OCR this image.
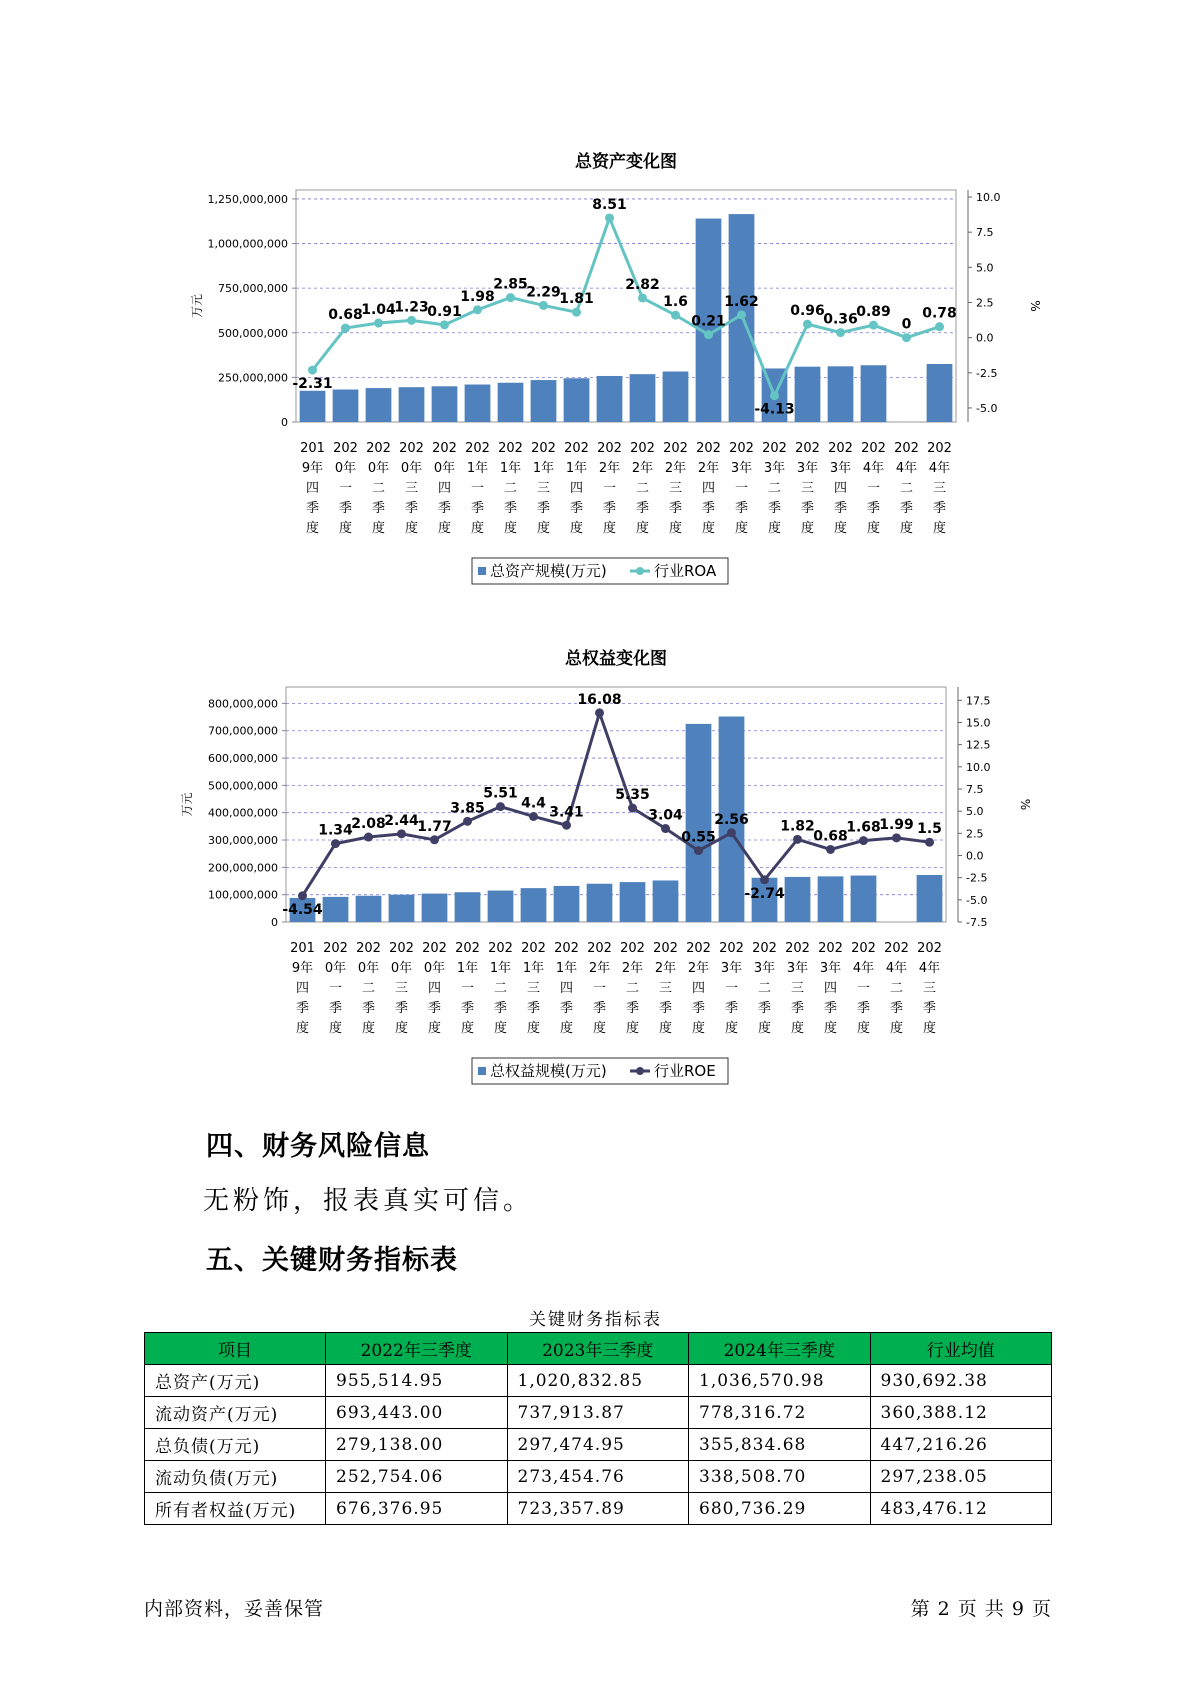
总资产变化图
0
250,000,000
500,000,000
750,000,000
1,000,000,000
1,250,000,000
万元
-5.0
-2.5
0.0
2.5
5.0
7.5
10.0
%
-2.31
0.68
1.04
1.23
0.91
1.98
2.85
2.29
1.81
8.51
2.82
1.6
0.21
1.62
-4.13
0.96
0.36
0.89
0
0.78
201 9年四季度
202 0年一季度
202 0年二季度
202 0年三季度
202 0年四季度
202 1年一季度
202 1年二季度
202 1年三季度
202 1年四季度
202 2年一季度
202 2年二季度
202 2年三季度
202 2年四季度
202 3年一季度
202 3年二季度
202 3年三季度
202 3年四季度
202 4年一季度
202 4年二季度
202 4年三季度
总资产规模(万元)	行业ROA
总权益变化图
0
100,000,000
200,000,000
300,000,000
400,000,000
500,000,000
600,000,000
700,000,000
800,000,000
万元
-7.5
-5.0
-2.5
0.0
2.5
5.0
7.5
10.0
12.5
15.0
17.5
%
-4.54
1.34
2.08
2.44
1.77
3.85
5.51
4.4
3.41
16.08
5.35
3.04
0.55
2.56
-2.74
1.82
0.68
1.68
1.99 1.5
201 9年四季度
202 0年一季度
202 0年二季度
202 0年三季度
202 0年四季度
202 1年一季度
202 1年二季度
202 1年三季度
202 1年四季度
202 2年一季度
202 2年二季度
202 2年三季度
202 2年四季度
202 3年一季度
202 3年二季度
202 3年三季度
202 3年四季度
202 4年一季度
202 4年二季度
202 4年三季度
总权益规模(万元)	行业ROE
四、财务风险信息

无粉饰，报表真实可信。

五、关键财务指标表
关键财务指标表
项目	2022年三季度	2023年三季度	2024年三季度	行业均值
总资产(万元)	955,514.95	1,020,832.85	1,036,570.98	930,692.38
流动资产(万元)	693,443.00	737,913.87	778,316.72	360,388.12
总负债(万元)	279,138.00	297,474.95	355,834.68	447,216.26
流动负债(万元)	252,754.06	273,454.76	338,508.70	297,238.05
所有者权益(万元)	676,376.95	723,357.89	680,736.29	483,476.12
内部资料，妥善保管	第 2 页 共 9 页
